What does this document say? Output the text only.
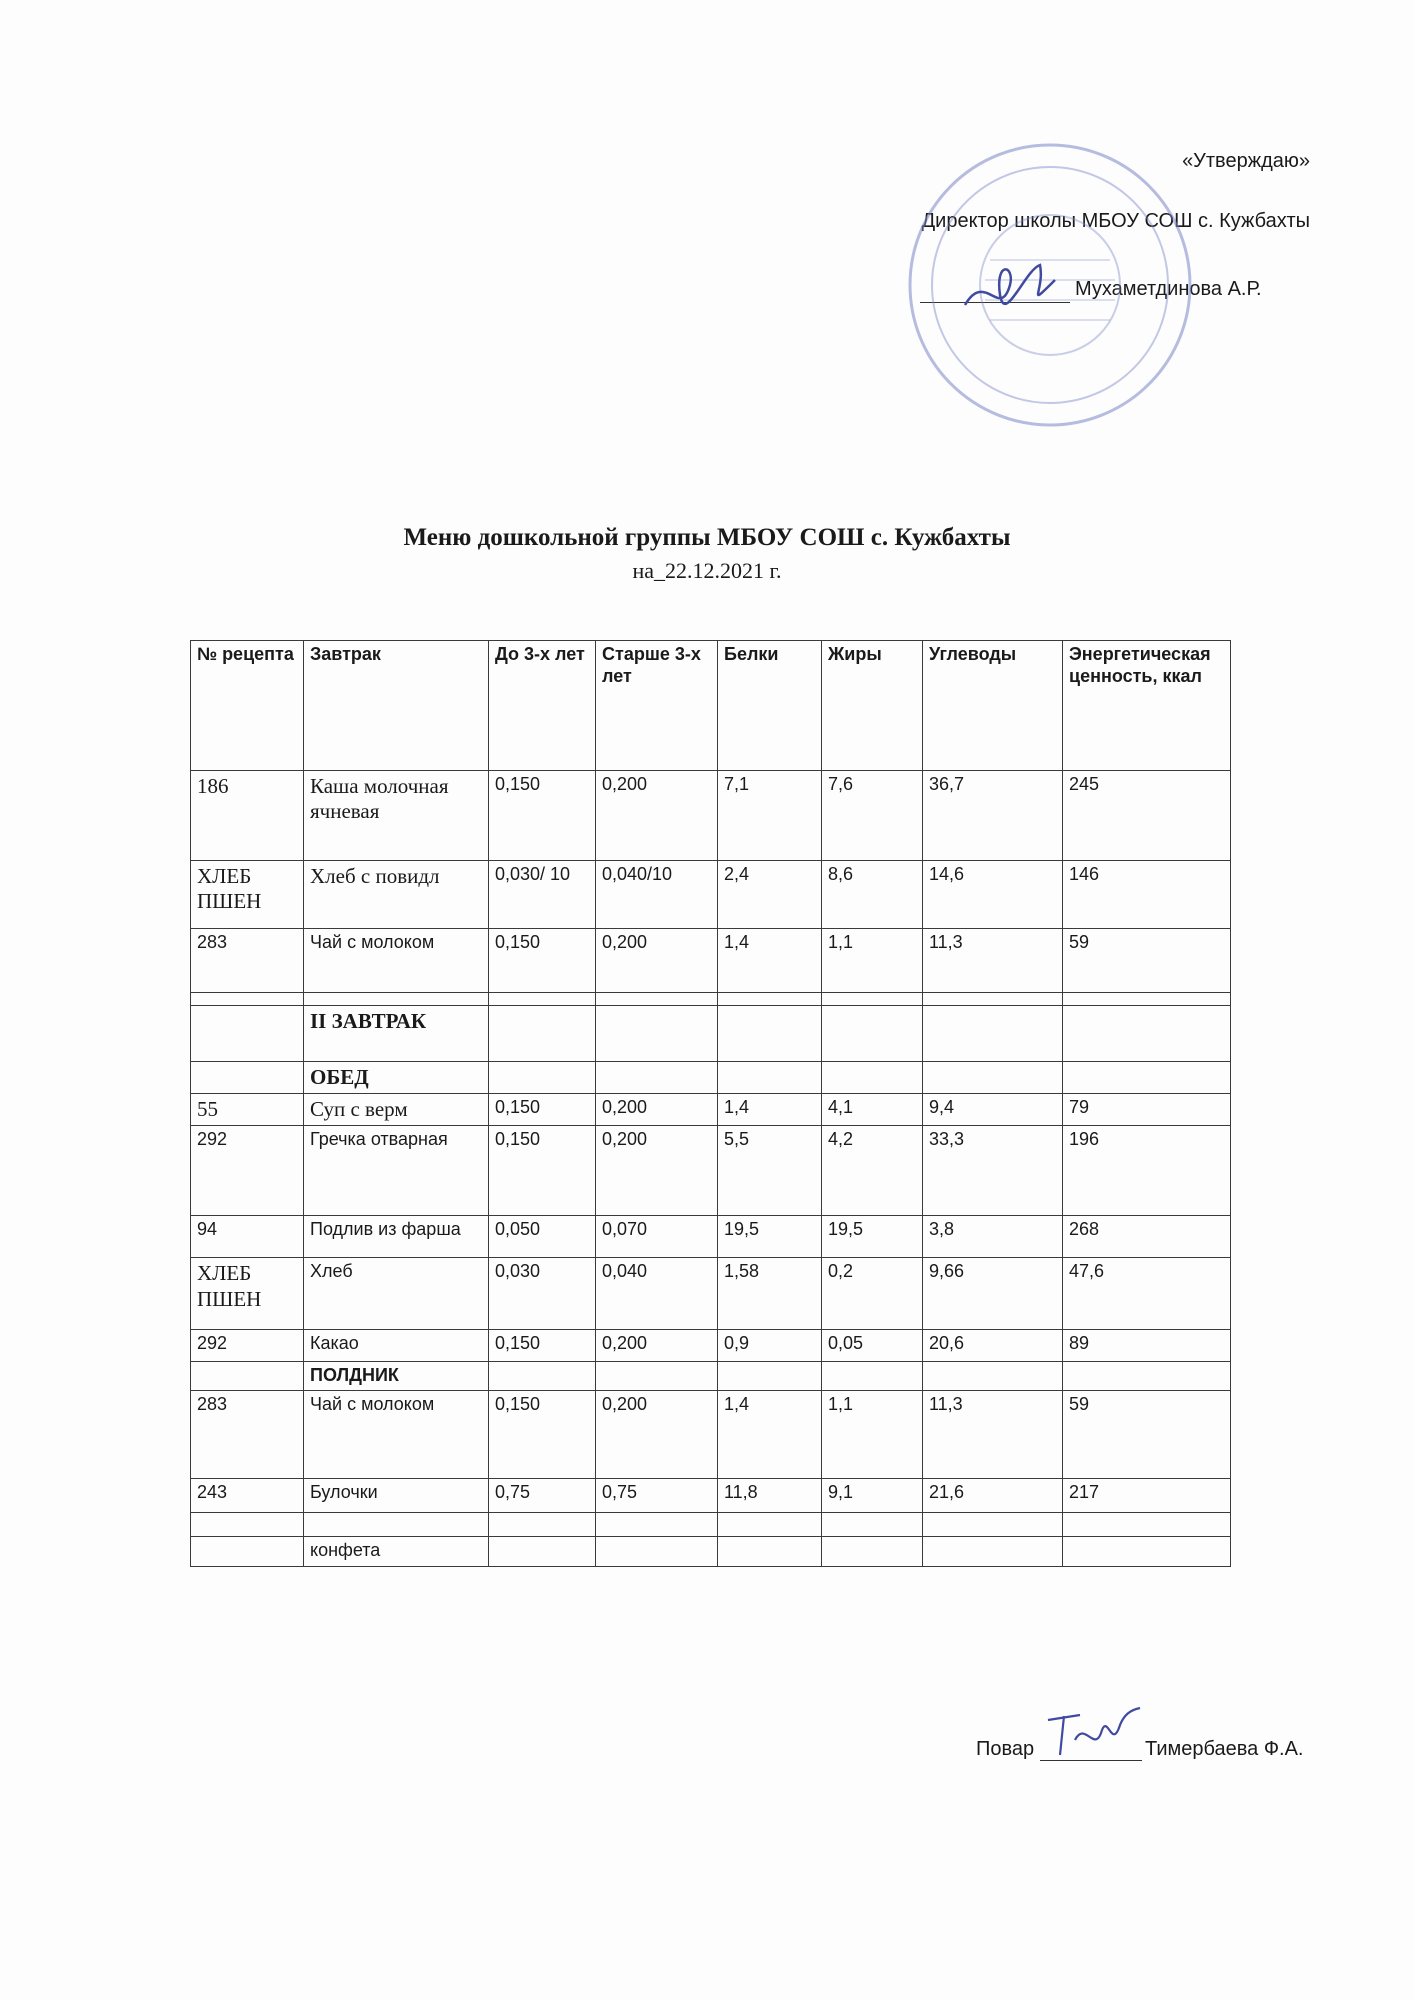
«Утверждаю»
Директор школы МБОУ СОШ с. Кужбахты
Мухаметдинова А.Р.
Меню дошкольной группы МБОУ СОШ с. Кужбахты
на_22.12.2021 г.
№ рецепта	Завтрак	До 3-х лет	Старше 3-х лет	Белки	Жиры	Углеводы	Энергетическая ценность, ккал
186	Каша молочная ячневая	0,150	0,200	7,1	7,6	36,7	245
ХЛЕБ ПШЕН	Хлеб с повидл	0,030/ 10	0,040/10	2,4	8,6	14,6	146
283	Чай с молоком	0,150	0,200	1,4	1,1	11,3	59

	II ЗАВТРАК						
	ОБЕД						
55	Суп с верм	0,150	0,200	1,4	4,1	9,4	79
292	Гречка отварная	0,150	0,200	5,5	4,2	33,3	196
94	Подлив из фарша	0,050	0,070	19,5	19,5	3,8	268
ХЛЕБ ПШЕН	Хлеб	0,030	0,040	1,58	0,2	9,66	47,6
292	Какао	0,150	0,200	0,9	0,05	20,6	89
	ПОЛДНИК						
283	Чай с молоком	0,150	0,200	1,4	1,1	11,3	59
243	Булочки	0,75	0,75	11,8	9,1	21,6	217

	конфета						
Повар	Тимербаева Ф.А.
